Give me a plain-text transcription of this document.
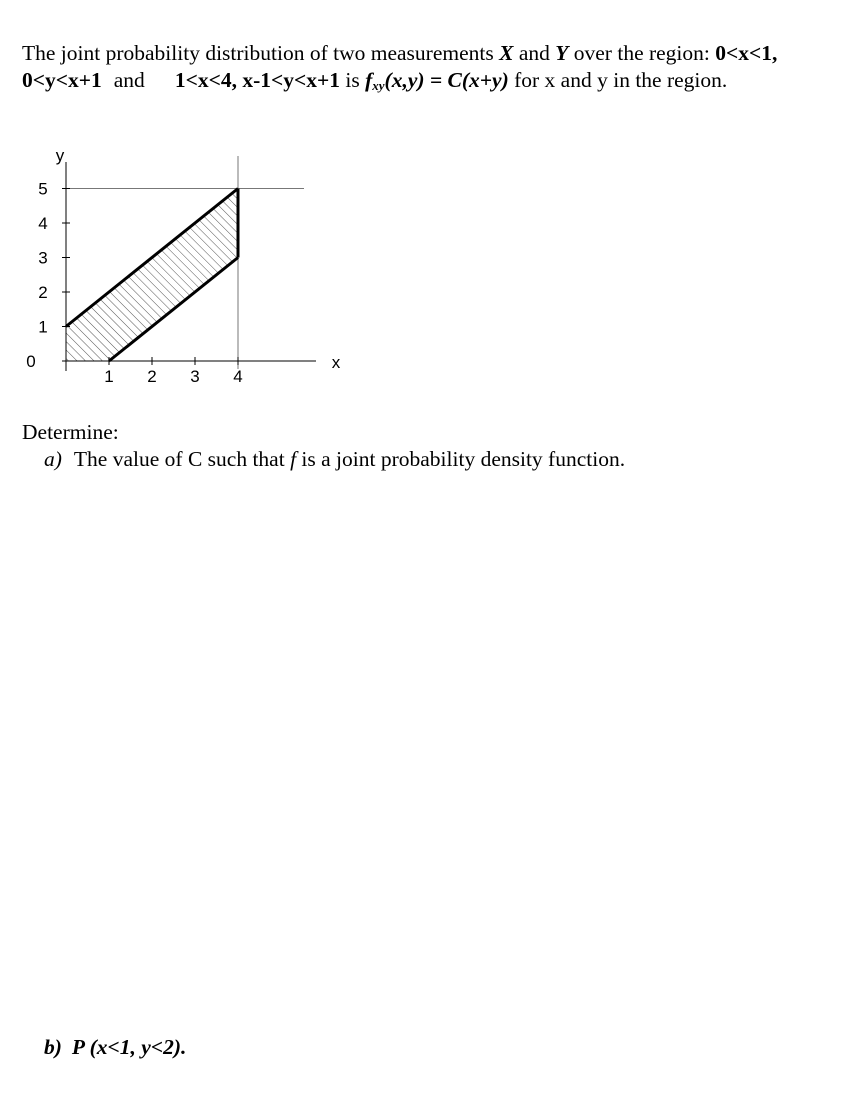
The joint probability distribution of two measurements X and Y over the region: 0<x<1,
0<y<x+1 and 1<x<4, x-1<y<x+1 is $f_{xy}(x,y) = C(x+y)$ for x and y in the region.
1
2
3
4
5
1 2 3 4
0
y
x
Determine:
a) The value of C such that f is a joint probability density function.
b) P (x<1, y<2).
